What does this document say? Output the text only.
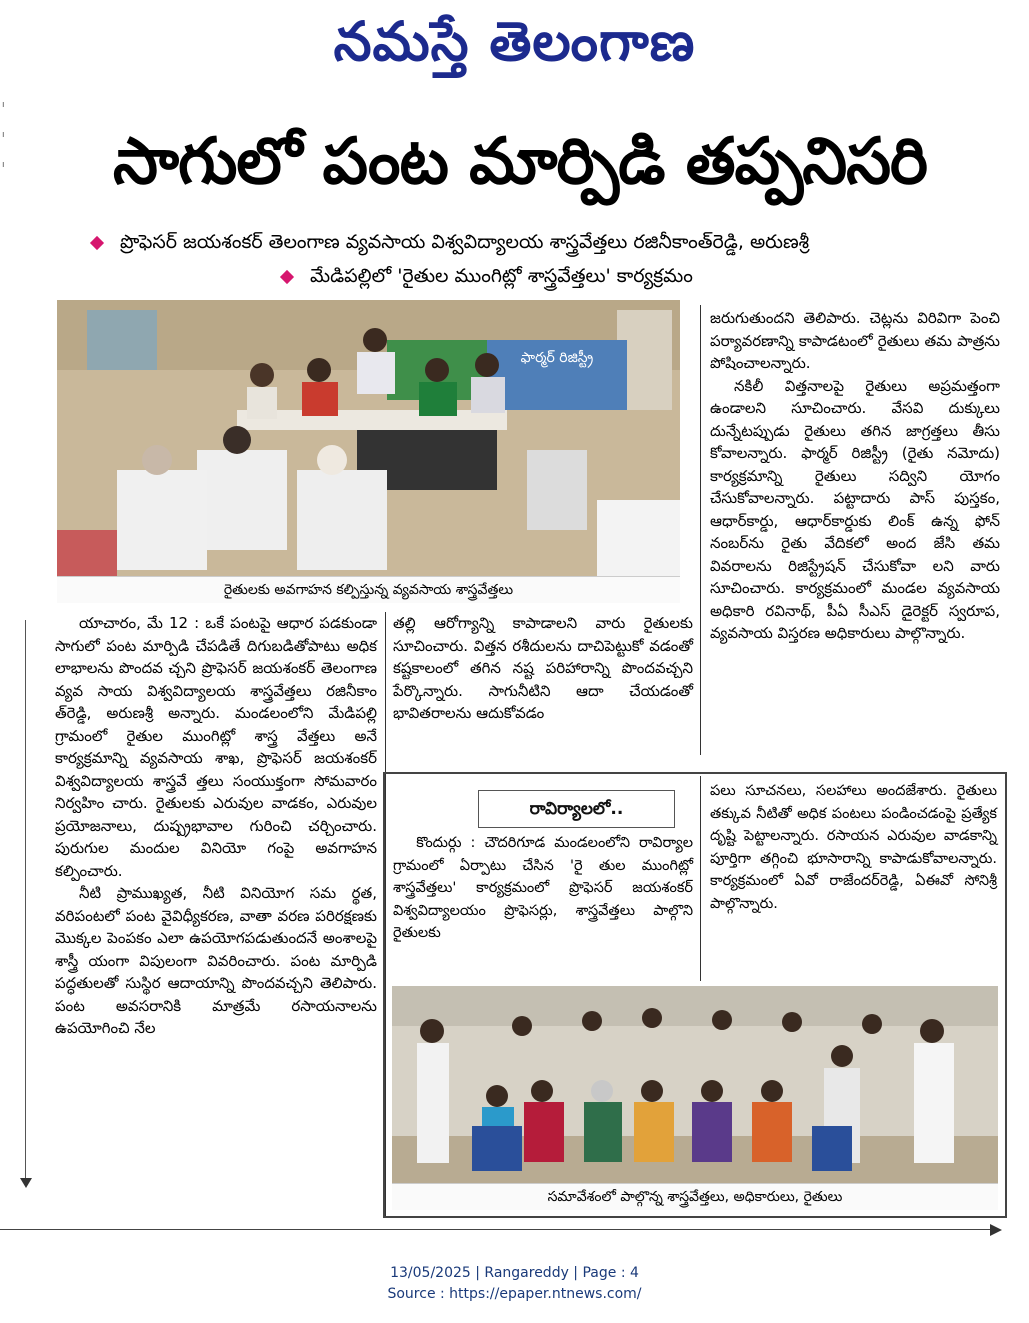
ı
ı
ı
నమస్తే తెలంగాణ
సాగులో పంట మార్పిడి తప్పనిసరి
ప్రొఫెసర్ జయశంకర్ తెలంగాణ వ్యవసాయ విశ్వవిద్యాలయ శాస్త్రవేత్తలు రజినీకాంత్‌రెడ్డి, అరుణశ్రీ
మేడిపల్లిలో 'రైతుల ముంగిట్లో శాస్త్రవేత్తలు' కార్యక్రమం
ఫార్మర్ రిజిస్ట్రీ
రైతులకు అవగాహన కల్పిస్తున్న వ్యవసాయ శాస్త్రవేత్తలు

యాచారం, మే 12 : ఒకే పంటపై ఆధార పడకుండా సాగులో పంట మార్పిడి చేపడితే దిగుబడితోపాటు అధిక లాభాలను పొందవ చ్చని ప్రొఫెసర్ జయశంకర్ తెలంగాణ వ్యవ సాయ విశ్వవిద్యాలయ శాస్త్రవేత్తలు రజినీకాం త్‌రెడ్డి, అరుణశ్రీ అన్నారు. మండలంలోని మేడిపల్లి గ్రామంలో రైతుల ముంగిట్లో శాస్త్ర వేత్తలు అనే కార్యక్రమాన్ని వ్యవసాయ శాఖ, ప్రొఫెసర్ జయశంకర్ విశ్వవిద్యాలయ శాస్త్రవే త్తలు సంయుక్తంగా సోమవారం నిర్వహిం చారు. రైతులకు ఎరువుల వాడకం, ఎరువుల ప్రయోజనాలు, దుష్ప్రభావాల గురించి చర్చించారు. పురుగుల మందుల వినియో గంపై అవగాహన కల్పించారు.

నీటి ప్రాముఖ్యత, నీటి వినియోగ సమ ర్థత, వరిపంటలో పంట వైవిధ్యీకరణ, వాతా వరణ పరిరక్షణకు మొక్కల పెంపకం ఎలా ఉపయోగపడుతుందనే అంశాలపై శాస్త్రీ యంగా విపులంగా వివరించారు. పంట మార్పిడి పద్ధతులతో సుస్థిర ఆదాయాన్ని పొందవచ్చని తెలిపారు. పంట అవసరానికి మాత్రమే రసాయనాలను ఉపయోగించి నేల

తల్లి ఆరోగ్యాన్ని కాపాడాలని వారు రైతులకు సూచించారు. విత్తన రశీదులను దాచిపెట్టుకో వడంతో కష్టకాలంలో తగిన నష్ట పరిహారాన్ని పొందవచ్చని పేర్కొన్నారు. సాగునీటిని ఆదా చేయడంతో భావితరాలను ఆదుకోవడం

జరుగుతుందని తెలిపారు. చెట్లను విరివిగా పెంచి పర్యావరణాన్ని కాపాడటంలో రైతులు తమ పాత్రను పోషించాలన్నారు.

నకిలీ విత్తనాలపై రైతులు అప్రమత్తంగా ఉండాలని సూచించారు. వేసవి దుక్కులు దున్నేటప్పుడు రైతులు తగిన జాగ్రత్తలు తీసు కోవాలన్నారు. ఫార్మర్ రిజిస్ట్రీ (రైతు నమోదు) కార్యక్రమాన్ని రైతులు సద్విని యోగం చేసుకోవాలన్నారు. పట్టాదారు పాస్ పుస్తకం, ఆధార్‌కార్డు, ఆధార్‌కార్డుకు లింక్ ఉన్న ఫోన్ నంబర్‌ను రైతు వేదికలో అంద జేసి తమ వివరాలను రిజిస్ట్రేషన్ చేసుకోవా లని వారు సూచించారు. కార్యక్రమంలో మండల వ్యవసాయ అధికారి రవినాథ్, పీఏ సీఎస్ డైరెక్టర్ స్వరూప, వ్యవసాయ విస్తరణ అధికారులు పాల్గొన్నారు.

రావిర్యాలలో..

కొందుర్గు : చౌదరిగూడ మండలంలోని రావిర్యాల గ్రామంలో ఏర్పాటు చేసిన 'రై తుల ముంగిట్లో శాస్త్రవేత్తలు' కార్యక్రమంలో ప్రొఫెసర్ జయశంకర్ విశ్వవిద్యాలయం ప్రొఫెసర్లు, శాస్త్రవేత్తలు పాల్గొని రైతులకు

పలు సూచనలు, సలహాలు అందజేశారు. రైతులు తక్కువ నీటితో అధిక పంటలు పండించడంపై ప్రత్యేక దృష్టి పెట్టాలన్నారు. రసాయన ఎరువుల వాడకాన్ని పూర్తిగా తగ్గించి భూసారాన్ని కాపాడుకోవాలన్నారు. కార్యక్రమంలో ఏవో రాజేందర్‌రెడ్డి, ఏఈవో సోనిశ్రీ పాల్గొన్నారు.

సమావేశంలో పాల్గొన్న శాస్త్రవేత్తలు, అధికారులు, రైతులు
13/05/2025 | Rangareddy | Page : 4
Source : https://epaper.ntnews.com/
